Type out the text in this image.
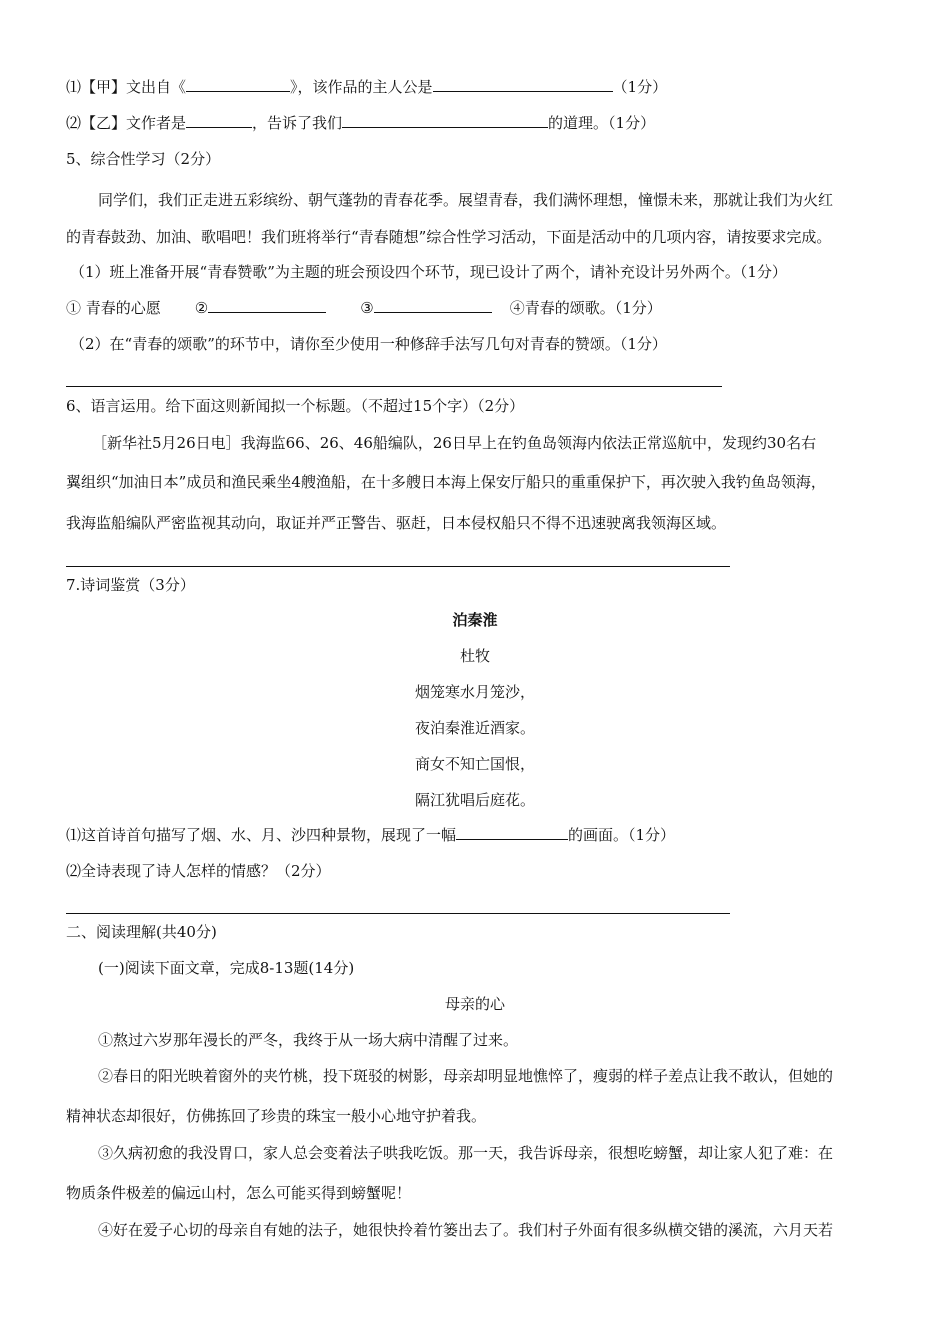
⑴【甲】文出自《	》，该作品的主人公是	（1分）
⑵【乙】文作者是	，告诉了我们	的道理。（1分）
5、综合性学习（2分）
同学们，我们正走进五彩缤纷、朝气蓬勃的青春花季。展望青春，我们满怀理想，憧憬未来，那就让我们为火红
的青春鼓劲、加油、歌唱吧！我们班将举行“青春随想”综合性学习活动，下面是活动中的几项内容，请按要求完成。
（1）班上准备开展“青春赞歌”为主题的班会预设四个环节，现已设计了两个，请补充设计另外两个。（1分）
① 青春的心愿 ②	③	④青春的颂歌。（1分）
（2）在“青春的颂歌”的环节中，请你至少使用一种修辞手法写几句对青春的赞颂。（1分）
6、语言运用。给下面这则新闻拟一个标题。（不超过15个字）（2分）
［新华社5月26日电］我海监66、26、46船编队，26日早上在钓鱼岛领海内依法正常巡航中，发现约30名右
翼组织“加油日本”成员和渔民乘坐4艘渔船，在十多艘日本海上保安厅船只的重重保护下，再次驶入我钓鱼岛领海，
我海监船编队严密监视其动向，取证并严正警告、驱赶，日本侵权船只不得不迅速驶离我领海区域。
7.诗词鉴赏（3分）
泊秦淮
杜牧
烟笼寒水月笼沙，
夜泊秦淮近酒家。
商女不知亡国恨，
隔江犹唱后庭花。
⑴这首诗首句描写了烟、水、月、沙四种景物，展现了一幅	的画面。（1分）
⑵全诗表现了诗人怎样的情感？（2分）
二、阅读理解(共40分)
(一)阅读下面文章，完成8-13题(14分)
母亲的心
①熬过六岁那年漫长的严冬，我终于从一场大病中清醒了过来。
②春日的阳光映着窗外的夹竹桃，投下斑驳的树影，母亲却明显地憔悴了，瘦弱的样子差点让我不敢认，但她的
精神状态却很好，仿佛拣回了珍贵的珠宝一般小心地守护着我。
③久病初愈的我没胃口，家人总会变着法子哄我吃饭。那一天，我告诉母亲，很想吃螃蟹，却让家人犯了难：在
物质条件极差的偏远山村，怎么可能买得到螃蟹呢！
④好在爱子心切的母亲自有她的法子，她很快拎着竹篓出去了。我们村子外面有很多纵横交错的溪流，六月天若
